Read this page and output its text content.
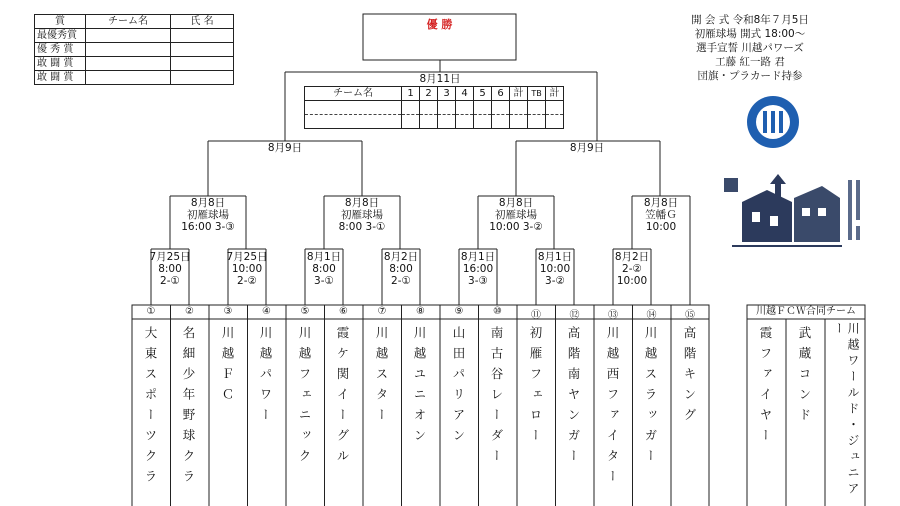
賞	チーム名	氏 名
最優秀賞		
優 秀 賞		
敢 闘 賞		
敢 闘 賞		
優 勝
8月11日
チーム名	1	2	3	4	5	6	計	TB	計

開 会 式 令和8年７月5日
初雁球場 開式 18:00～
選手宣誓 川越パワーズ
工藤 紅一路 君
団旗・プラカード持参
8月9日	8月9日
8月8日
初雁球場
16:00 3-③
8月8日
初雁球場
8:00 3-①
8月8日
初雁球場
10:00 3-②
8月8日
笠幡Ｇ
10:00
7月25日
8:00
2-①
7月25日
10:00
2-②
8月1日
8:00
3-①
8月2日
8:00
2-①
8月1日
16:00
3-③
8月1日
10:00
3-②
8月2日
2-②
10:00
①	②	③	④	⑤	⑥	⑦	⑧	⑨	⑩	⑪	⑫	⑬	⑭	⑮
大東スポーツクラ 名細少年野球クラ 川越ＦＣ 川越パワー 川越フェニック 霞ケ関イーグル 川越スター 川越ユニオン 山田パリアン 南古谷レーダー 初雁フェロー 高階南ヤンガー 川越西ファイター 川越スラッガー 高階キング
川越ＦＣＷ合同チーム
霞ファイヤー 武蔵コンド	川越ワールド・ジュニアー
